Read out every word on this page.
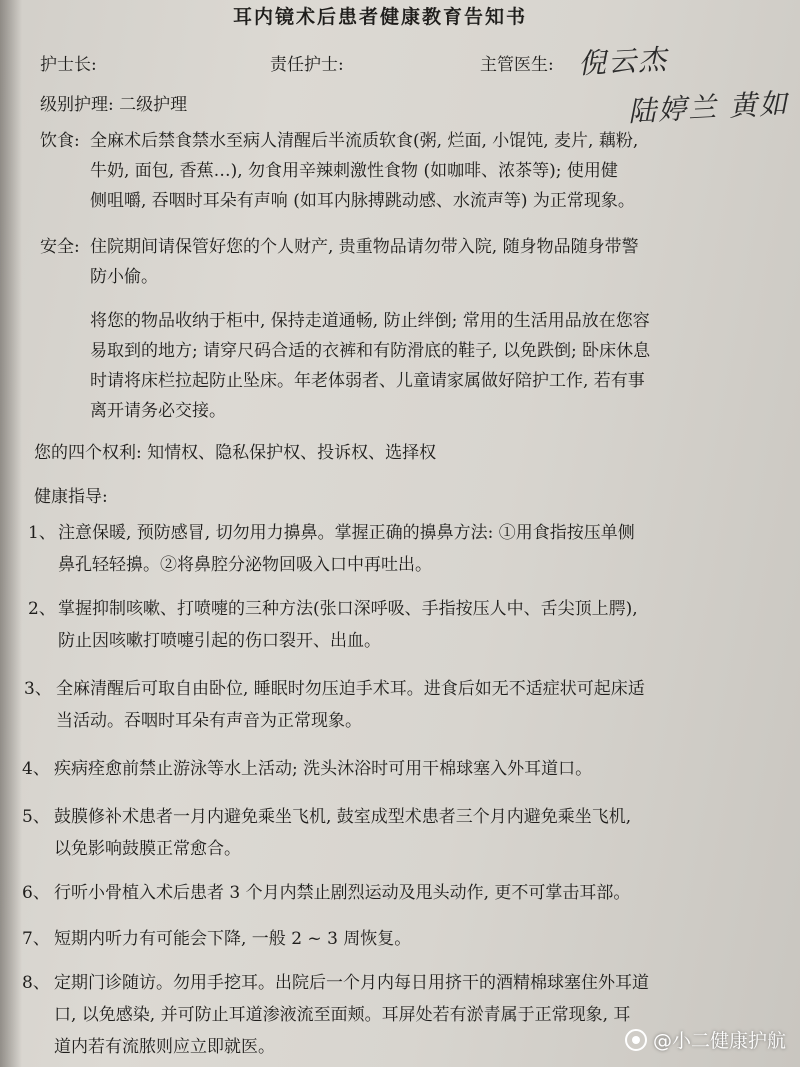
耳内镜术后患者健康教育告知书
护士长:	责任护士:	主管医生: 倪云杰
陆婷兰 黄如
级别护理: 二级护理
饮食: 全麻术后禁食禁水至病人清醒后半流质软食(粥, 烂面, 小馄饨, 麦片, 藕粉,
牛奶, 面包, 香蕉…), 勿食用辛辣刺激性食物 (如咖啡、浓茶等); 使用健
侧咀嚼, 吞咽时耳朵有声响 (如耳内脉搏跳动感、水流声等) 为正常现象。
安全: 住院期间请保管好您的个人财产, 贵重物品请勿带入院, 随身物品随身带警
防小偷。
将您的物品收纳于柜中, 保持走道通畅, 防止绊倒; 常用的生活用品放在您容
易取到的地方; 请穿尺码合适的衣裤和有防滑底的鞋子, 以免跌倒; 卧床休息
时请将床栏拉起防止坠床。年老体弱者、儿童请家属做好陪护工作, 若有事
离开请务必交接。
您的四个权利: 知情权、隐私保护权、投诉权、选择权
健康指导:
1、 注意保暖, 预防感冒, 切勿用力擤鼻。掌握正确的擤鼻方法: ①用食指按压单侧
鼻孔轻轻擤。②将鼻腔分泌物回吸入口中再吐出。
2、 掌握抑制咳嗽、打喷嚏的三种方法(张口深呼吸、手指按压人中、舌尖顶上腭),
防止因咳嗽打喷嚏引起的伤口裂开、出血。
3、 全麻清醒后可取自由卧位, 睡眠时勿压迫手术耳。进食后如无不适症状可起床适
当活动。吞咽时耳朵有声音为正常现象。
4、 疾病痊愈前禁止游泳等水上活动; 洗头沐浴时可用干棉球塞入外耳道口。
5、 鼓膜修补术患者一月内避免乘坐飞机, 鼓室成型术患者三个月内避免乘坐飞机,
以免影响鼓膜正常愈合。
6、 行听小骨植入术后患者 3 个月内禁止剧烈运动及甩头动作, 更不可掌击耳部。
7、 短期内听力有可能会下降, 一般 2 ~ 3 周恢复。
8、 定期门诊随访。勿用手挖耳。出院后一个月内每日用挤干的酒精棉球塞住外耳道
口, 以免感染, 并可防止耳道渗液流至面颊。耳屏处若有淤青属于正常现象, 耳
道内若有流脓则应立即就医。	@小二健康护航
